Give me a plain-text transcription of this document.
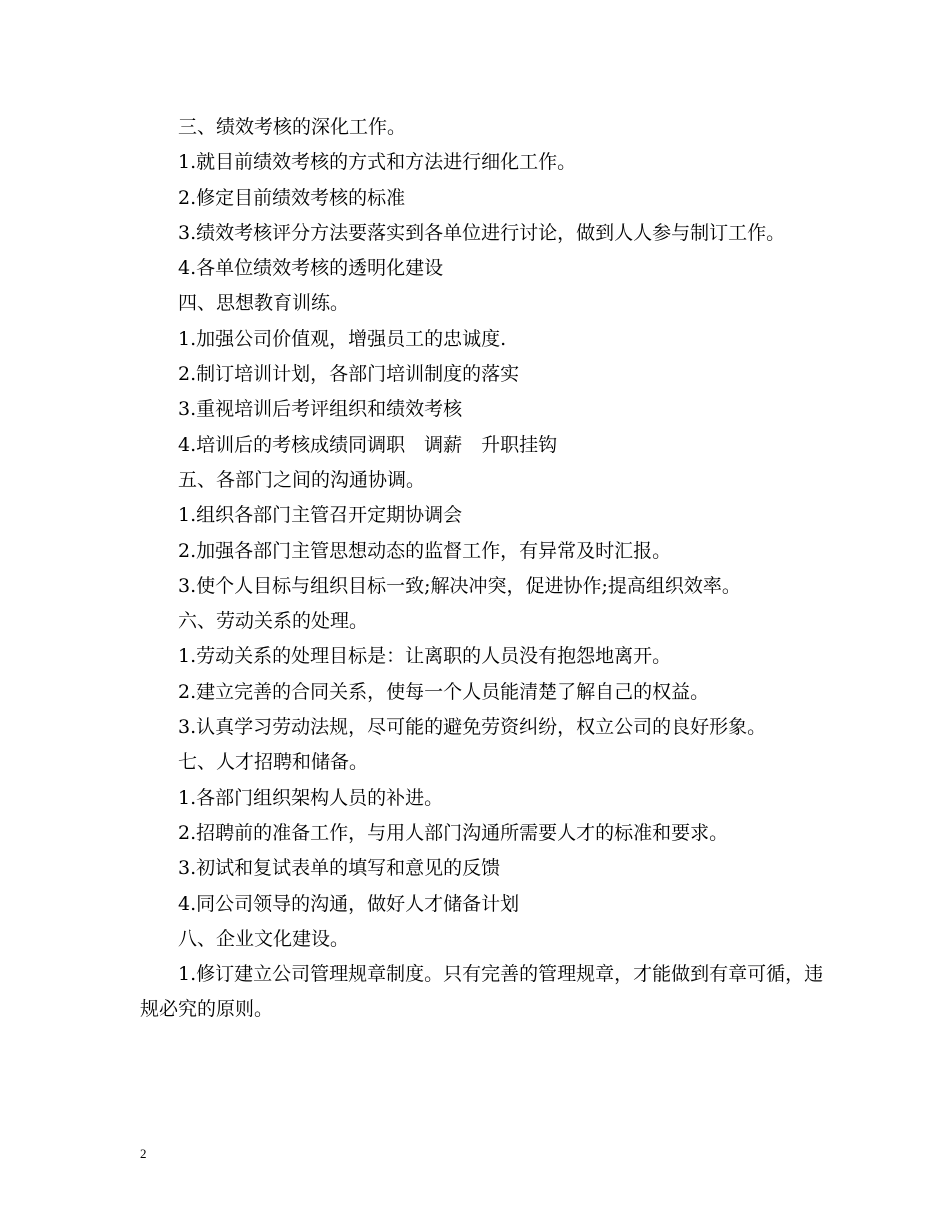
三、绩效考核的深化工作。

1.就目前绩效考核的方式和方法进行细化工作。

2.修定目前绩效考核的标准

3.绩效考核评分方法要落实到各单位进行讨论，做到人人参与制订工作。

4.各单位绩效考核的透明化建设

四、思想教育训练。

1.加强公司价值观，增强员工的忠诚度.

2.制订培训计划，各部门培训制度的落实

3.重视培训后考评组织和绩效考核

4.培训后的考核成绩同调职　调薪　升职挂钩

五、各部门之间的沟通协调。

1.组织各部门主管召开定期协调会

2.加强各部门主管思想动态的监督工作，有异常及时汇报。

3.使个人目标与组织目标一致;解决冲突，促进协作;提高组织效率。

六、劳动关系的处理。

1.劳动关系的处理目标是：让离职的人员没有抱怨地离开。

2.建立完善的合同关系，使每一个人员能清楚了解自己的权益。

3.认真学习劳动法规，尽可能的避免劳资纠纷，权立公司的良好形象。

七、人才招聘和储备。

1.各部门组织架构人员的补进。

2.招聘前的准备工作，与用人部门沟通所需要人才的标准和要求。

3.初试和复试表单的填写和意见的反馈

4.同公司领导的沟通，做好人才储备计划

八、企业文化建设。

1.修订建立公司管理规章制度。只有完善的管理规章，才能做到有章可循，违规必究的原则。

2
